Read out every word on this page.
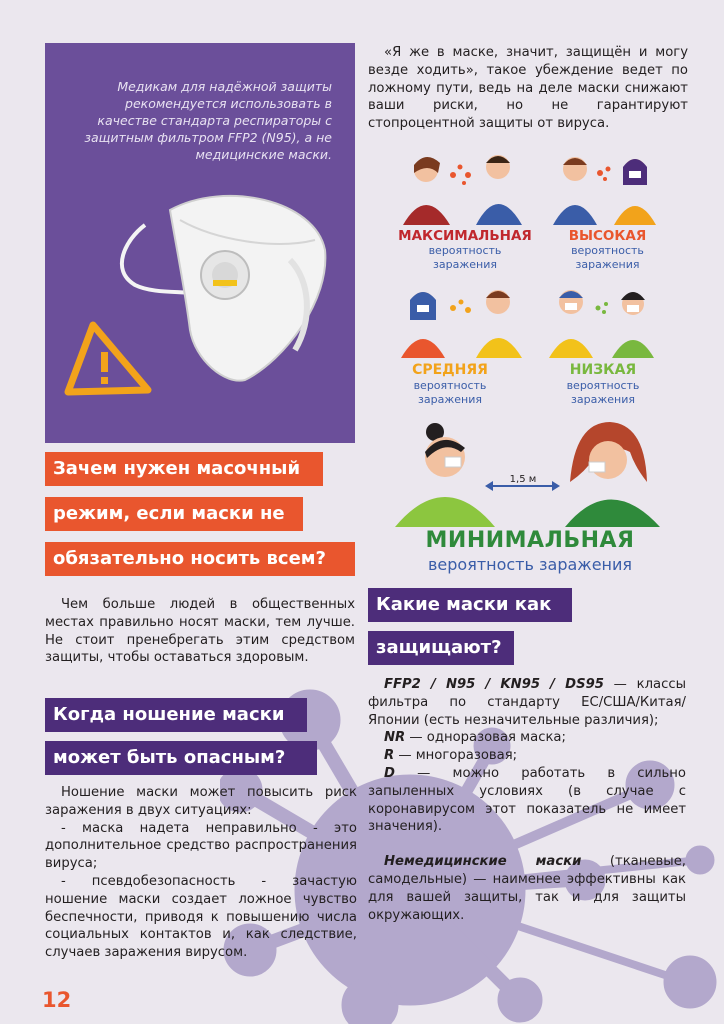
Медикам для надёжной защиты рекомендуется использовать в качестве стандарта респираторы с защитным фильтром FFP2 (N95), а не медицинские маски.

«Я же в маске, значит, защищён и могу везде ходить», такое убеждение ведет по ложному пути, ведь на деле маски снижают ваши риски, но не гарантируют стопроцентной защиты от вируса.

МАКСИМАЛЬНАЯ
вероятность
заражения
ВЫСОКАЯ
вероятность
заражения
СРЕДНЯЯ
вероятность
заражения
НИЗКАЯ
вероятность
заражения
1,5 м
МИНИМАЛЬНАЯ
вероятность заражения
Зачем нужен масочный
режим, если маски не
обязательно носить всем?

Чем больше людей в общественных местах правильно носят маски, тем лучше. Не стоит пренебрегать этим средством защиты, чтобы оставаться здоровым.

Когда ношение маски
может быть опасным?

Ношение маски может повысить риск заражения в двух ситуациях:

- маска надета неправильно - это дополнительное средство распространения вируса;

- псевдобезопасность - зачастую ношение маски создает ложное чувство беспечности, приводя к повышению числа социальных контактов и, как следствие, случаев заражения вирусом.

Какие маски как
защищают?

FFP2 / N95 / KN95 / DS95 — классы фильтра по стандарту ЕС/США/Китая/Японии (есть незначительные различия);

NR — одноразовая маска;

R — многоразовая;

D — можно работать в сильно запыленных условиях (в случае с коронавирусом этот показатель не имеет значения).

Немедицинские маски (тканевые, самодельные) — наименее эффективны как для вашей защиты, так и для защиты окружающих.

12
